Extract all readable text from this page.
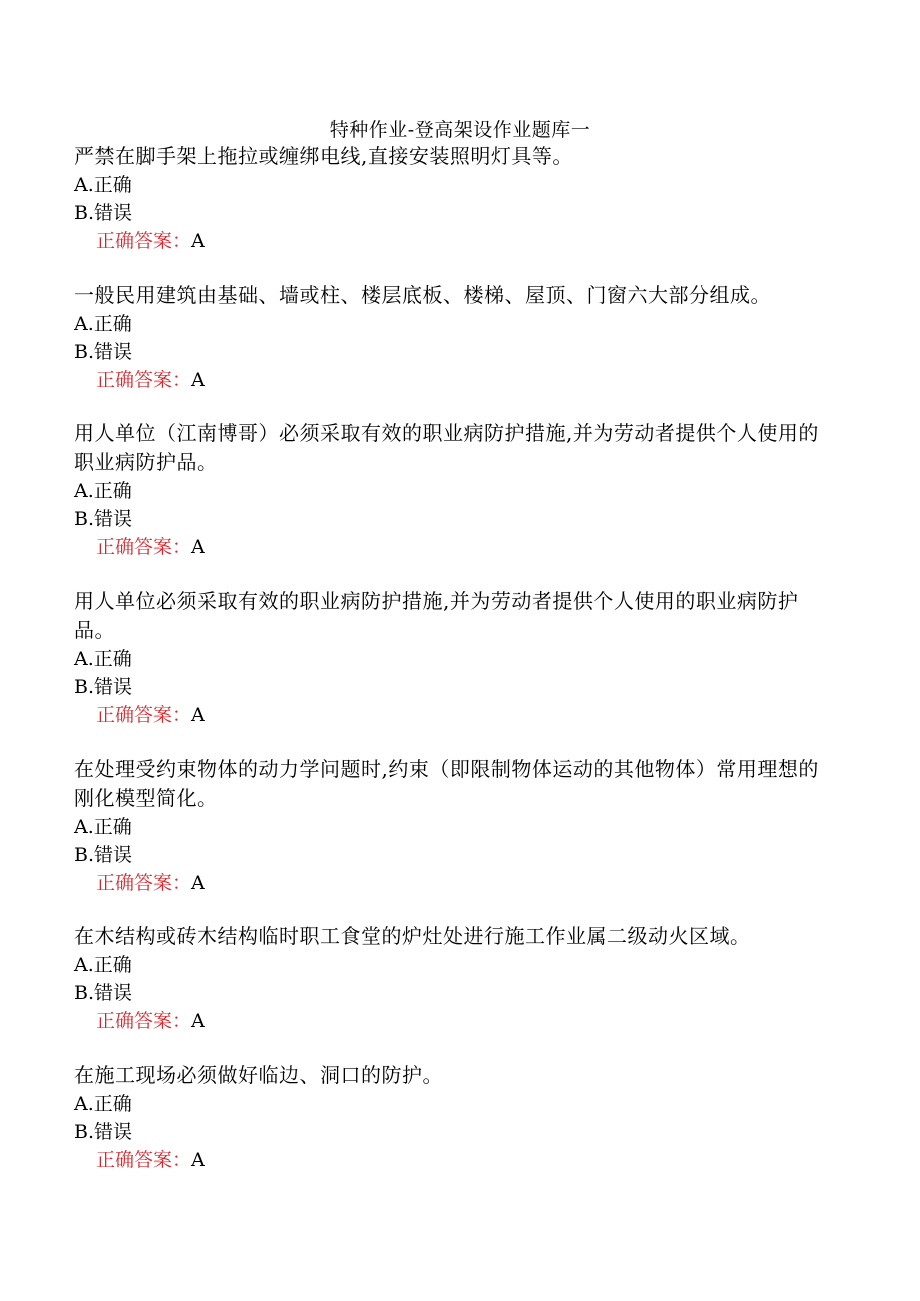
特种作业-登高架设作业题库一

严禁在脚手架上拖拉或缠绑电线,直接安装照明灯具等。

A.正确

B.错误

正确答案：A

一般民用建筑由基础、墙或柱、楼层底板、楼梯、屋顶、门窗六大部分组成。

A.正确

B.错误

正确答案：A

用人单位（江南博哥）必须采取有效的职业病防护措施,并为劳动者提供个人使用的职业病防护品。

A.正确

B.错误

正确答案：A

用人单位必须采取有效的职业病防护措施,并为劳动者提供个人使用的职业病防护品。

A.正确

B.错误

正确答案：A

在处理受约束物体的动力学问题时,约束（即限制物体运动的其他物体）常用理想的刚化模型简化。

A.正确

B.错误

正确答案：A

在木结构或砖木结构临时职工食堂的炉灶处进行施工作业属二级动火区域。

A.正确

B.错误

正确答案：A

在施工现场必须做好临边、洞口的防护。

A.正确

B.错误

正确答案：A
